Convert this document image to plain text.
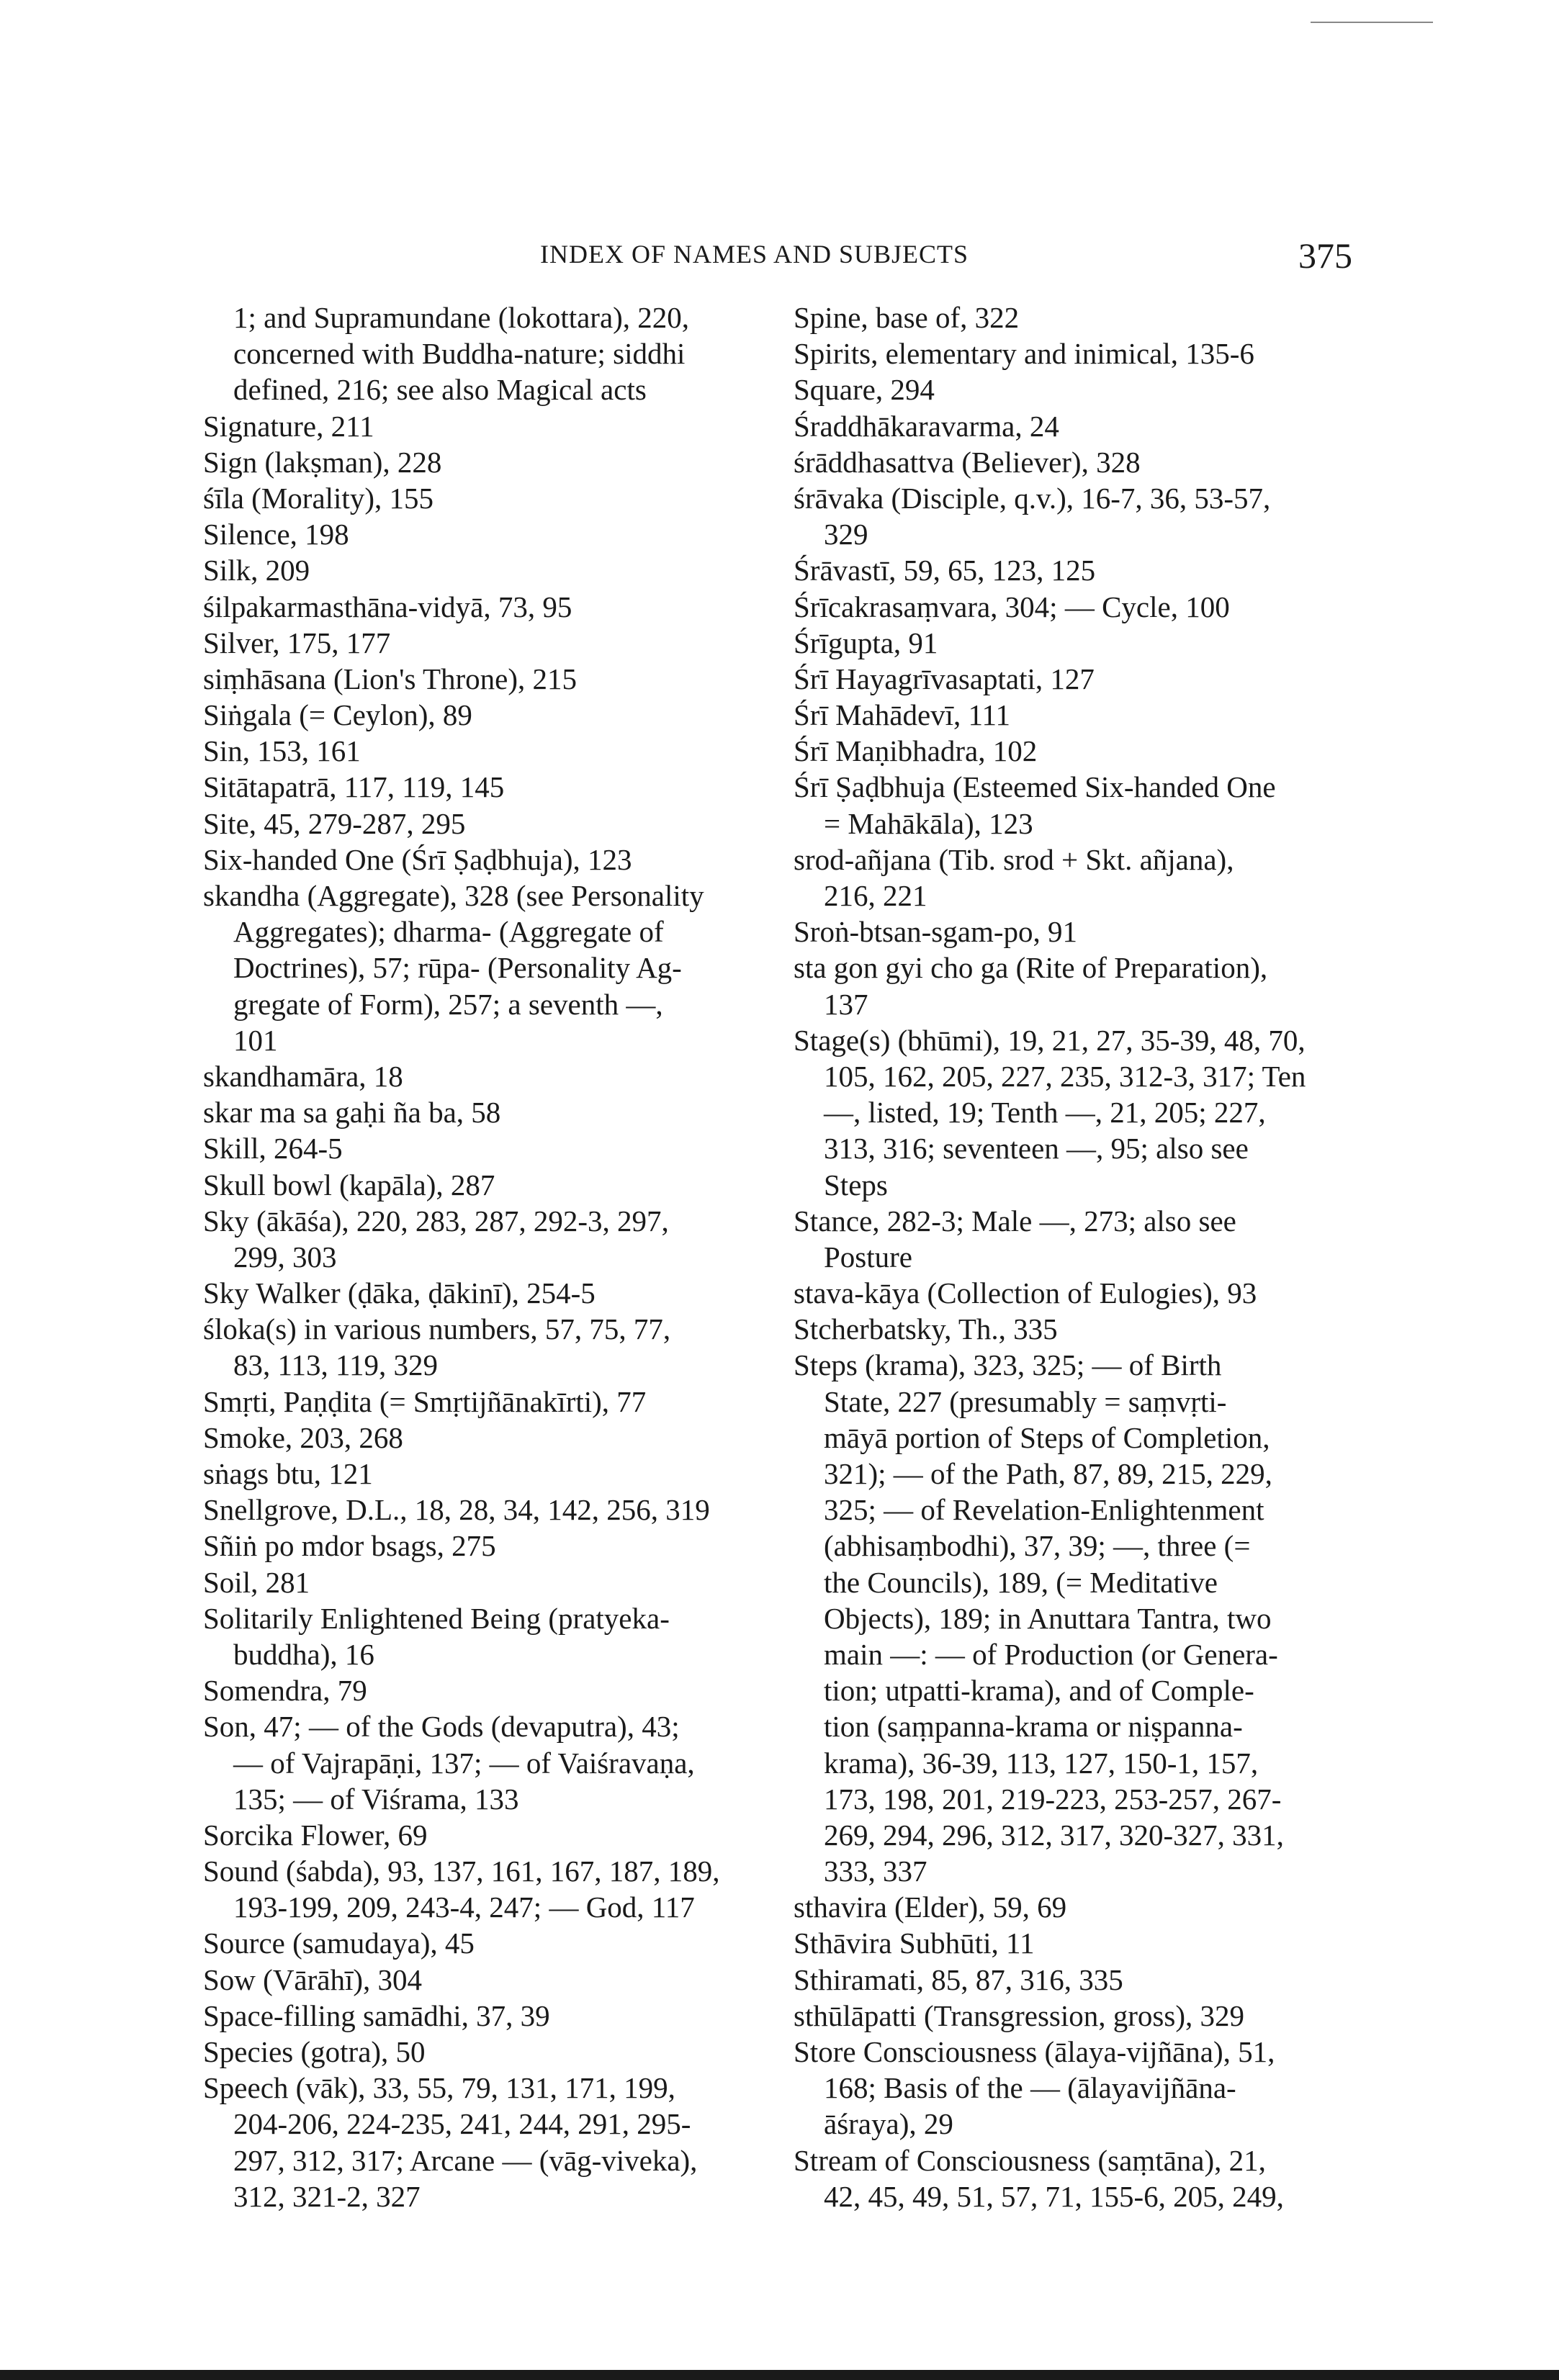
INDEX OF NAMES AND SUBJECTS	375
1; and Supramundane (lokottara), 220,
concerned with Buddha-nature; siddhi
defined, 216; see also Magical acts
Signature, 211
Sign (lakṣman), 228
śīla (Morality), 155
Silence, 198
Silk, 209
śilpakarmasthāna-vidyā, 73, 95
Silver, 175, 177
siṃhāsana (Lion's Throne), 215
Siṅgala (= Ceylon), 89
Sin, 153, 161
Sitātapatrā, 117, 119, 145
Site, 45, 279-287, 295
Six-handed One (Śrī Ṣaḍbhuja), 123
skandha (Aggregate), 328 (see Personality
Aggregates); dharma- (Aggregate of
Doctrines), 57; rūpa- (Personality Ag-
gregate of Form), 257; a seventh —,
101
skandhamāra, 18
skar ma sa gaḥi ña ba, 58
Skill, 264-5
Skull bowl (kapāla), 287
Sky (ākāśa), 220, 283, 287, 292-3, 297,
299, 303
Sky Walker (ḍāka, ḍākinī), 254-5
śloka(s) in various numbers, 57, 75, 77,
83, 113, 119, 329
Smṛti, Paṇḍita (= Smṛtijñānakīrti), 77
Smoke, 203, 268
sṅags btu, 121
Snellgrove, D.L., 18, 28, 34, 142, 256, 319
Sñiṅ po mdor bsags, 275
Soil, 281
Solitarily Enlightened Being (pratyeka-
buddha), 16
Somendra, 79
Son, 47; — of the Gods (devaputra), 43;
— of Vajrapāṇi, 137; — of Vaiśravaṇa,
135; — of Viśrama, 133
Sorcika Flower, 69
Sound (śabda), 93, 137, 161, 167, 187, 189,
193-199, 209, 243-4, 247; — God, 117
Source (samudaya), 45
Sow (Vārāhī), 304
Space-filling samādhi, 37, 39
Species (gotra), 50
Speech (vāk), 33, 55, 79, 131, 171, 199,
204-206, 224-235, 241, 244, 291, 295-
297, 312, 317; Arcane — (vāg-viveka),
312, 321-2, 327
Spine, base of, 322
Spirits, elementary and inimical, 135-6
Square, 294
Śraddhākaravarma, 24
śrāddhasattva (Believer), 328
śrāvaka (Disciple, q.v.), 16-7, 36, 53-57,
329
Śrāvastī, 59, 65, 123, 125
Śrīcakrasaṃvara, 304; — Cycle, 100
Śrīgupta, 91
Śrī Hayagrīvasaptati, 127
Śrī Mahādevī, 111
Śrī Maṇibhadra, 102
Śrī Ṣaḍbhuja (Esteemed Six-handed One
= Mahākāla), 123
srod-añjana (Tib. srod + Skt. añjana),
216, 221
Sroṅ-btsan-sgam-po, 91
sta gon gyi cho ga (Rite of Preparation),
137
Stage(s) (bhūmi), 19, 21, 27, 35-39, 48, 70,
105, 162, 205, 227, 235, 312-3, 317; Ten
—, listed, 19; Tenth —, 21, 205; 227,
313, 316; seventeen —, 95; also see
Steps
Stance, 282-3; Male —, 273; also see
Posture
stava-kāya (Collection of Eulogies), 93
Stcherbatsky, Th., 335
Steps (krama), 323, 325; — of Birth
State, 227 (presumably = saṃvṛti-
māyā portion of Steps of Completion,
321); — of the Path, 87, 89, 215, 229,
325; — of Revelation-Enlightenment
(abhisaṃbodhi), 37, 39; —, three (=
the Councils), 189, (= Meditative
Objects), 189; in Anuttara Tantra, two
main —: — of Production (or Genera-
tion; utpatti-krama), and of Comple-
tion (saṃpanna-krama or niṣpanna-
krama), 36-39, 113, 127, 150-1, 157,
173, 198, 201, 219-223, 253-257, 267-
269, 294, 296, 312, 317, 320-327, 331,
333, 337
sthavira (Elder), 59, 69
Sthāvira Subhūti, 11
Sthiramati, 85, 87, 316, 335
sthūlāpatti (Transgression, gross), 329
Store Consciousness (ālaya-vijñāna), 51,
168; Basis of the — (ālayavijñāna-
āśraya), 29
Stream of Consciousness (saṃtāna), 21,
42, 45, 49, 51, 57, 71, 155-6, 205, 249,
